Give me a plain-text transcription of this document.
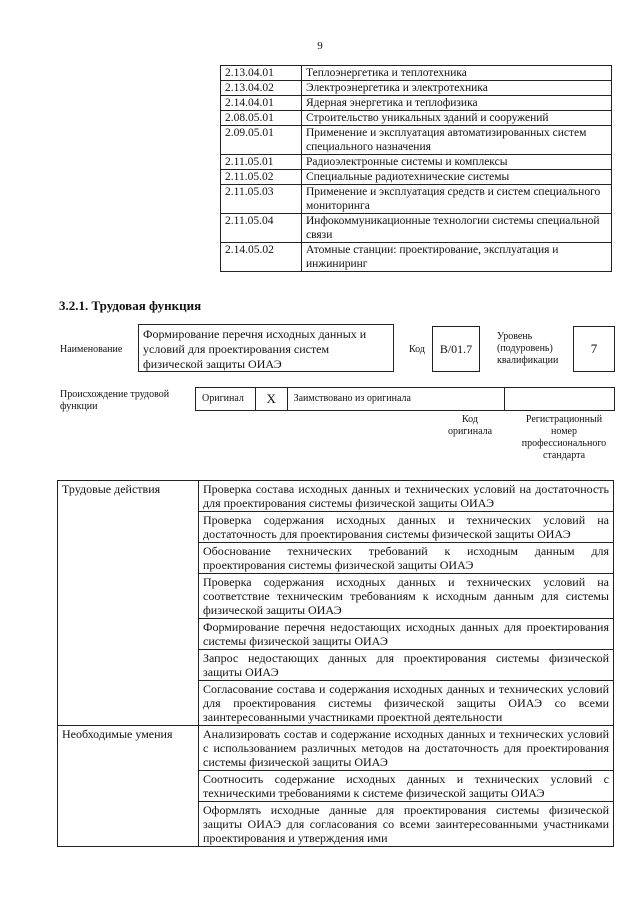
9
2.13.04.01	Теплоэнергетика и теплотехника
2.13.04.02	Электроэнергетика и электротехника
2.14.04.01	Ядерная энергетика и теплофизика
2.08.05.01	Строительство уникальных зданий и сооружений
2.09.05.01	Применение и эксплуатация автоматизированных систем специального назначения
2.11.05.01	Радиоэлектронные системы и комплексы
2.11.05.02	Специальные радиотехнические системы
2.11.05.03	Применение и эксплуатация средств и систем специального мониторинга
2.11.05.04	Инфокоммуникационные технологии системы специальной связи
2.14.05.02	Атомные станции: проектирование, эксплуатация и инжиниринг
3.2.1. Трудовая функция
Наименование
Формирование перечня исходных данных и условий для проектирования систем физической защиты ОИАЭ
Код	В/01.7
Уровень (подуровень) квалификации
7
Происхождение трудовой функции
Оригинал	X	Заимствовано из оригинала
Код оригинала
Регистрационный номер профессионального стандарта
Трудовые действия	Проверка состава исходных данных и технических условий на достаточность для проектирования системы физической защиты ОИАЭ
	Проверка содержания исходных данных и технических условий на достаточность для проектирования системы физической защиты ОИАЭ
	Обоснование технических требований к исходным данным для проектирования системы физической защиты ОИАЭ
	Проверка содержания исходных данных и технических условий на соответствие техническим требованиям к исходным данным для системы физической защиты ОИАЭ
	Формирование перечня недостающих исходных данных для проектирования системы физической защиты ОИАЭ
	Запрос недостающих данных для проектирования системы физической защиты ОИАЭ
	Согласование состава и содержания исходных данных и технических условий для проектирования системы физической защиты ОИАЭ со всеми заинтересованными участниками проектной деятельности
Необходимые умения	Анализировать состав и содержание исходных данных и технических условий с использованием различных методов на достаточность для проектирования системы физической защиты ОИАЭ
	Соотносить содержание исходных данных и технических условий с техническими требованиями к системе физической защиты ОИАЭ
	Оформлять исходные данные для проектирования системы физической защиты ОИАЭ для согласования со всеми заинтересованными участниками проектирования и утверждения ими
